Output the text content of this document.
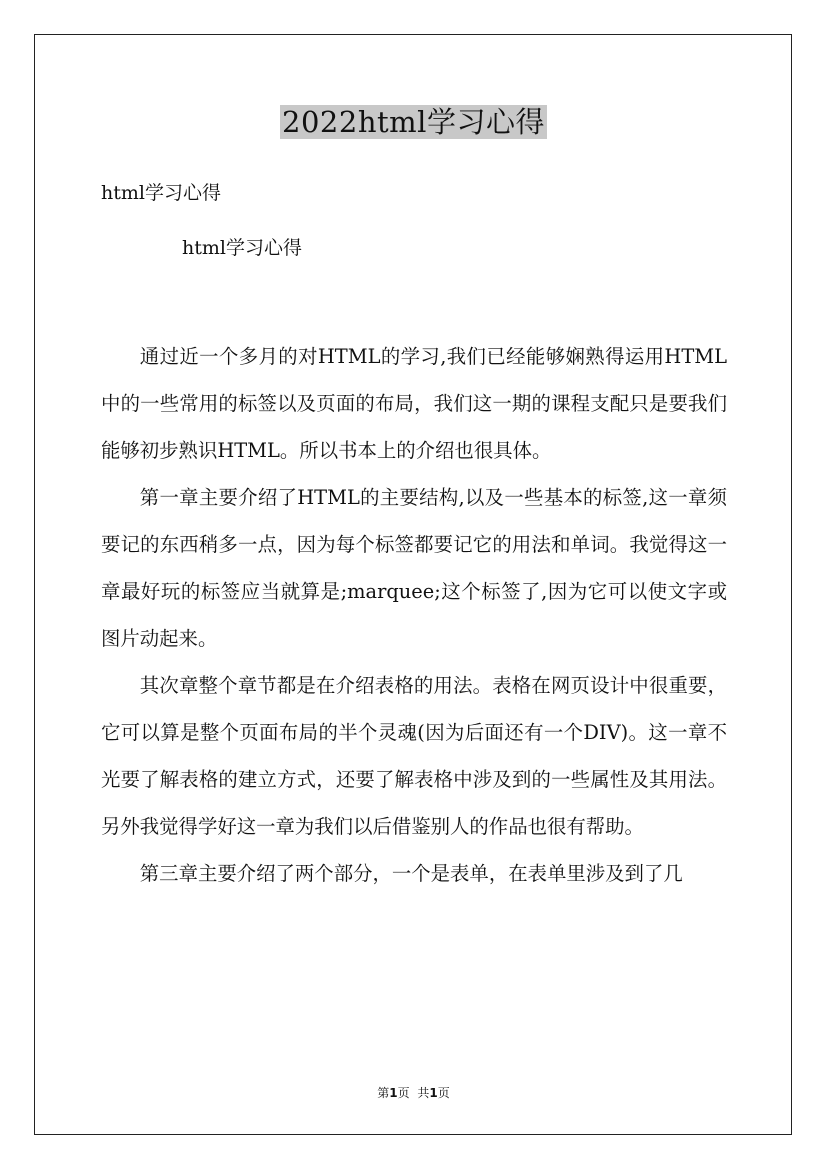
2022html学习心得
html学习心得
html学习心得

通过近一个多月的对HTML的学习,我们已经能够娴熟得运用HTML中的一些常用的标签以及页面的布局，我们这一期的课程支配只是要我们能够初步熟识HTML。所以书本上的介绍也很具体。

第一章主要介绍了HTML的主要结构,以及一些基本的标签,这一章须要记的东西稍多一点，因为每个标签都要记它的用法和单词。我觉得这一章最好玩的标签应当就算是;marquee;这个标签了,因为它可以使文字或图片动起来。

其次章整个章节都是在介绍表格的用法。表格在网页设计中很重要，它可以算是整个页面布局的半个灵魂(因为后面还有一个DIV)。这一章不光要了解表格的建立方式，还要了解表格中涉及到的一些属性及其用法。另外我觉得学好这一章为我们以后借鉴别人的作品也很有帮助。

第三章主要介绍了两个部分，一个是表单，在表单里涉及到了几

第1页 共1页
